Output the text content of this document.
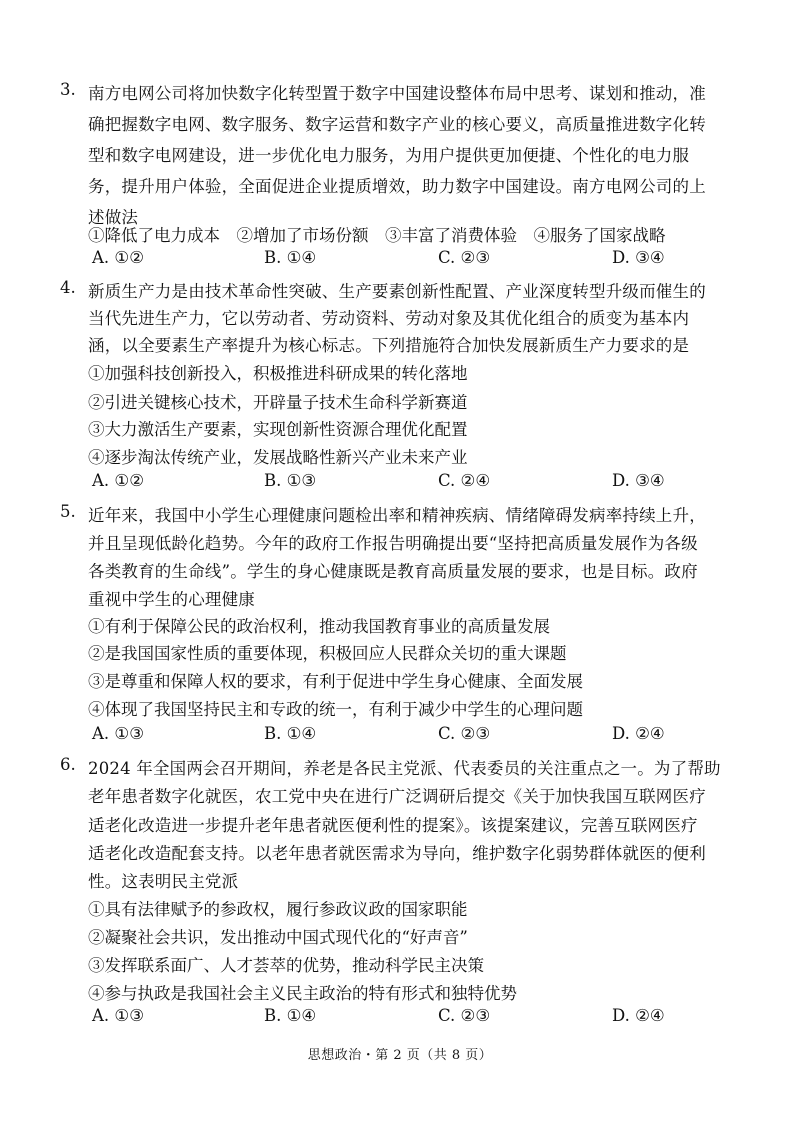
3. 南方电网公司将加快数字化转型置于数字中国建设整体布局中思考、谋划和推动，准
确把握数字电网、数字服务、数字运营和数字产业的核心要义，高质量推进数字化转
型和数字电网建设，进一步优化电力服务，为用户提供更加便捷、个性化的电力服
务，提升用户体验，全面促进企业提质增效，助力数字中国建设。南方电网公司的上
述做法
①降低了电力成本　②增加了市场份额　③丰富了消费体验　④服务了国家战略
A. ①②	B. ①④	C. ②③	D. ③④
4. 新质生产力是由技术革命性突破、生产要素创新性配置、产业深度转型升级而催生的
当代先进生产力，它以劳动者、劳动资料、劳动对象及其优化组合的质变为基本内
涵，以全要素生产率提升为核心标志。下列措施符合加快发展新质生产力要求的是
①加强科技创新投入，积极推进科研成果的转化落地
②引进关键核心技术，开辟量子技术生命科学新赛道
③大力激活生产要素，实现创新性资源合理优化配置
④逐步淘汰传统产业，发展战略性新兴产业未来产业
A. ①②	B. ①③	C. ②④	D. ③④
5. 近年来，我国中小学生心理健康问题检出率和精神疾病、情绪障碍发病率持续上升，
并且呈现低龄化趋势。今年的政府工作报告明确提出要“坚持把高质量发展作为各级
各类教育的生命线”。学生的身心健康既是教育高质量发展的要求，也是目标。政府
重视中学生的心理健康
①有利于保障公民的政治权利，推动我国教育事业的高质量发展
②是我国国家性质的重要体现，积极回应人民群众关切的重大课题
③是尊重和保障人权的要求，有利于促进中学生身心健康、全面发展
④体现了我国坚持民主和专政的统一，有利于减少中学生的心理问题
A. ①③	B. ①④	C. ②③	D. ②④
6. 2024 年全国两会召开期间，养老是各民主党派、代表委员的关注重点之一。为了帮助
老年患者数字化就医，农工党中央在进行广泛调研后提交《关于加快我国互联网医疗
适老化改造进一步提升老年患者就医便利性的提案》。该提案建议，完善互联网医疗
适老化改造配套支持。以老年患者就医需求为导向，维护数字化弱势群体就医的便利
性。这表明民主党派
①具有法律赋予的参政权，履行参政议政的国家职能
②凝聚社会共识，发出推动中国式现代化的“好声音”
③发挥联系面广、人才荟萃的优势，推动科学民主决策
④参与执政是我国社会主义民主政治的特有形式和独特优势
A. ①③	B. ①④	C. ②③	D. ②④
思想政治・第 2 页（共 8 页）
